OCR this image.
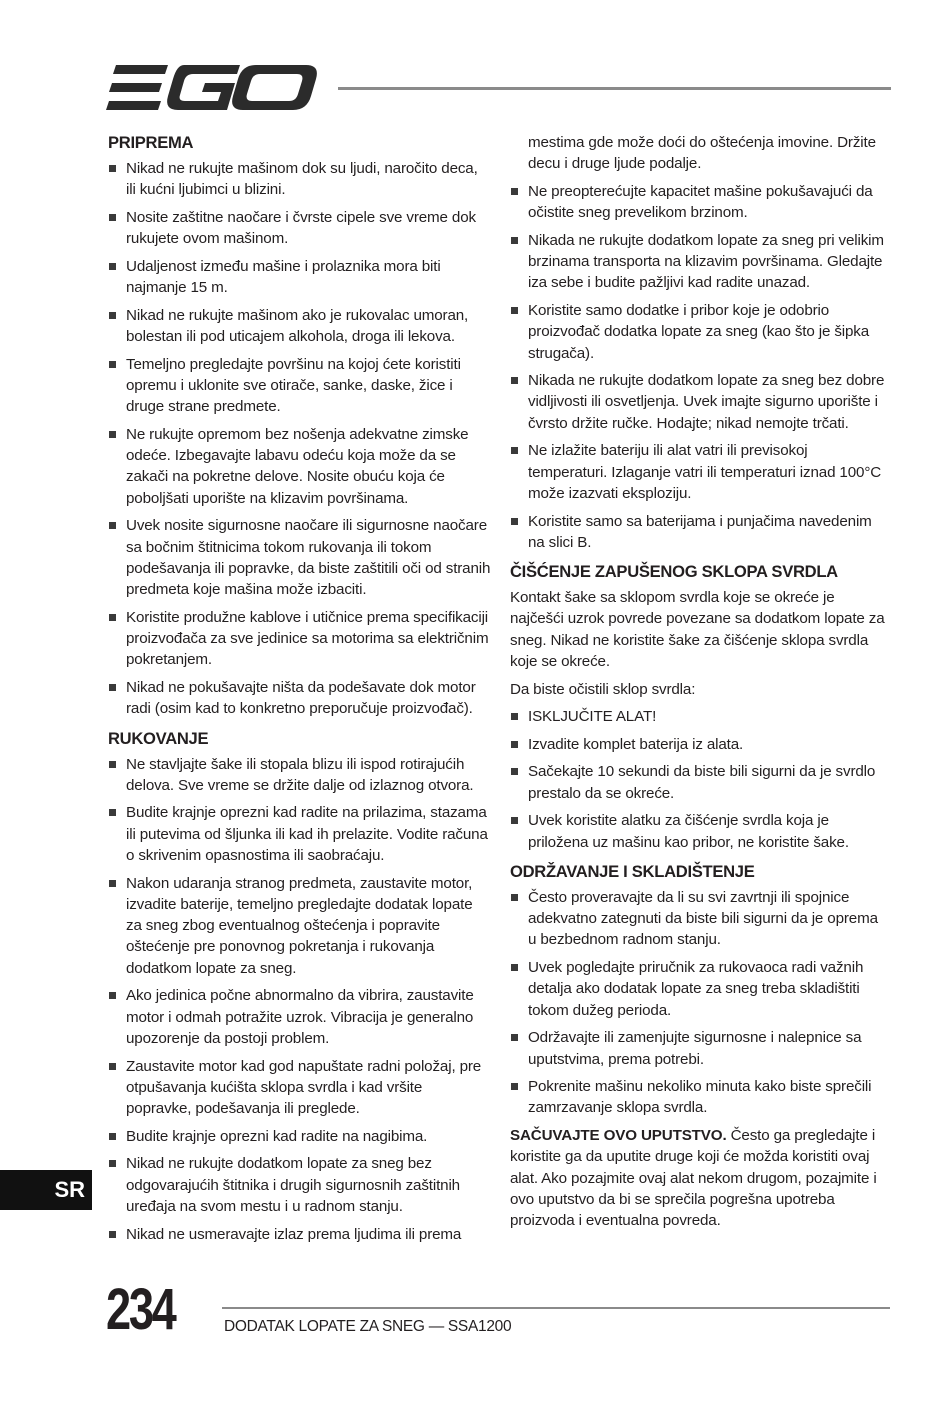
PRIPREMA
Nikad ne rukujte mašinom dok su ljudi, naročito deca, ili kućni ljubimci u blizini.
Nosite zaštitne naočare i čvrste cipele sve vreme dok rukujete ovom mašinom.
Udaljenost između mašine i prolaznika mora biti najmanje 15 m.
Nikad ne rukujte mašinom ako je rukovalac umoran, bolestan ili pod uticajem alkohola, droga ili lekova.
Temeljno pregledajte površinu na kojoj ćete koristiti opremu i uklonite sve otirače, sanke, daske, žice i druge strane predmete.
Ne rukujte opremom bez nošenja adekvatne zimske odeće. Izbegavajte labavu odeću koja može da se zakači na pokretne delove. Nosite obuću koja će poboljšati uporište na klizavim površinama.
Uvek nosite sigurnosne naočare ili sigurnosne naočare sa bočnim štitnicima tokom rukovanja ili tokom podešavanja ili popravke, da biste zaštitili oči od stranih predmeta koje mašina može izbaciti.
Koristite produžne kablove i utičnice prema specifikaciji proizvođača za sve jedinice sa motorima sa električnim pokretanjem.
Nikad ne pokušavajte ništa da podešavate dok motor radi (osim kad to konkretno preporučuje proizvođač).
RUKOVANJE
Ne stavljajte šake ili stopala blizu ili ispod rotirajućih delova. Sve vreme se držite dalje od izlaznog otvora.
Budite krajnje oprezni kad radite na prilazima, stazama ili putevima od šljunka ili kad ih prelazite. Vodite računa o skrivenim opasnostima ili saobraćaju.
Nakon udaranja stranog predmeta, zaustavite motor, izvadite baterije, temeljno pregledajte dodatak lopate za sneg zbog eventualnog oštećenja i popravite oštećenje pre ponovnog pokretanja i rukovanja dodatkom lopate za sneg.
Ako jedinica počne abnormalno da vibrira, zaustavite motor i odmah potražite uzrok. Vibracija je generalno upozorenje da postoji problem.
Zaustavite motor kad god napuštate radni položaj, pre otpušavanja kućišta sklopa svrdla i kad vršite popravke, podešavanja ili preglede.
Budite krajnje oprezni kad radite na nagibima.
Nikad ne rukujte dodatkom lopate za sneg bez odgovarajućih štitnika i drugih sigurnosnih zaštitnih uređaja na svom mestu i u radnom stanju.
Nikad ne usmeravajte izlaz prema ljudima ili prema
mestima gde može doći do oštećenja imovine. Držite decu i druge ljude podalje.
Ne preopterećujte kapacitet mašine pokušavajući da očistite sneg prevelikom brzinom.
Nikada ne rukujte dodatkom lopate za sneg pri velikim brzinama transporta na klizavim površinama. Gledajte iza sebe i budite pažljivi kad radite unazad.
Koristite samo dodatke i pribor koje je odobrio proizvođač dodatka lopate za sneg (kao što je šipka strugača).
Nikada ne rukujte dodatkom lopate za sneg bez dobre vidljivosti ili osvetljenja. Uvek imajte sigurno uporište i čvrsto držite ručke. Hodajte; nikad nemojte trčati.
Ne izlažite bateriju ili alat vatri ili previsokoj temperaturi. Izlaganje vatri ili temperaturi iznad 100°C može izazvati eksploziju.
Koristite samo sa baterijama i punjačima navedenim na slici B.
ČIŠĆENJE ZAPUŠENOG SKLOPA SVRDLA

Kontakt šake sa sklopom svrdla koje se okreće je najčešći uzrok povrede povezane sa dodatkom lopate za sneg. Nikad ne koristite šake za čišćenje sklopa svrdla koje se okreće.

Da biste očistili sklop svrdla:

ISKLJUČITE ALAT!
Izvadite komplet baterija iz alata.
Sačekajte 10 sekundi da biste bili sigurni da je svrdlo prestalo da se okreće.
Uvek koristite alatku za čišćenje svrdla koja je priložena uz mašinu kao pribor, ne koristite šake.
ODRŽAVANJE I SKLADIŠTENJE
Često proveravajte da li su svi zavrtnji ili spojnice adekvatno zategnuti da biste bili sigurni da je oprema u bezbednom radnom stanju.
Uvek pogledajte priručnik za rukovaoca radi važnih detalja ako dodatak lopate za sneg treba skladištiti tokom dužeg perioda.
Održavajte ili zamenjujte sigurnosne i nalepnice sa uputstvima, prema potrebi.
Pokrenite mašinu nekoliko minuta kako biste sprečili zamrzavanje sklopa svrdla.

SAČUVAJTE OVO UPUTSTVO. Često ga pregledajte i koristite ga da uputite druge koji će možda koristiti ovaj alat. Ako pozajmite ovaj alat nekom drugom, pozajmite i ovo uputstvo da bi se sprečila pogrešna upotreba proizvoda i eventualna povreda.

SR
234	DODATAK LOPATE ZA SNEG — SSA1200
